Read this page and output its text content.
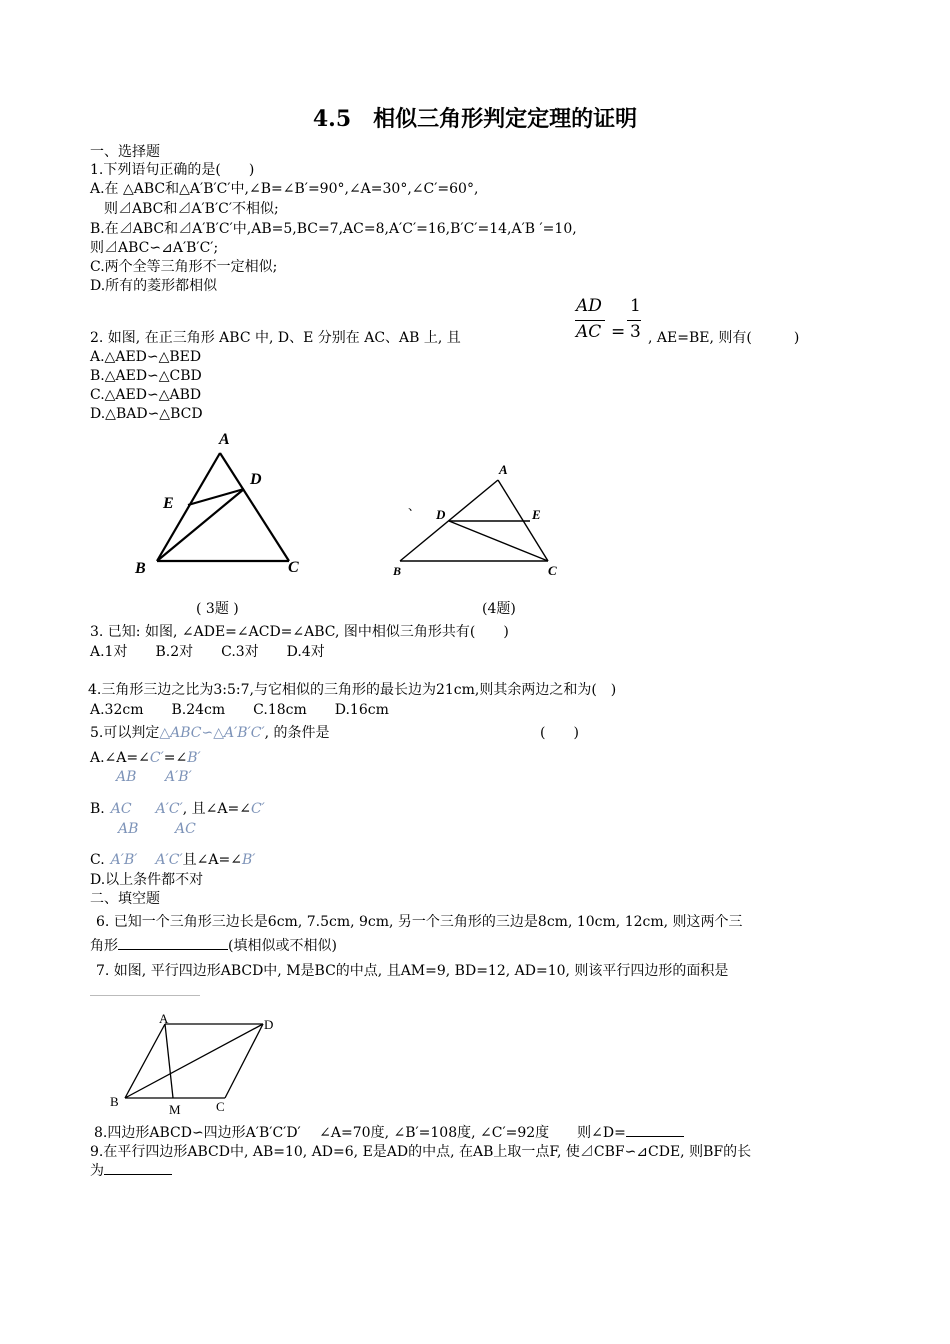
4.5　相似三角形判定定理的证明
一、选择题
1.下列语句正确的是(　　)
A.在 △ABC和△A′B′C′中,∠B=∠B′=90°,∠A=30°,∠C′=60°,
　则⊿ABC和⊿A′B′C′不相似;
B.在⊿ABC和⊿A′B′C′中,AB=5,BC=7,AC=8,A′C′=16,B′C′=14,A′B ′=10,
则⊿ABC∽⊿A′B′C′;
C.两个全等三角形不一定相似;
D.所有的菱形都相似
2. 如图, 在正三角形 ABC 中, D、E 分别在 AC、AB 上, 且
AD
AC =
1
3 , AE=BE, 则有(　　　)
A.△AED∽△BED
B.△AED∽△CBD
C.△AED∽△ABD
D.△BAD∽△BCD
A
E
D
B	C
A
D	E
B	C
、
( 3题 )	(4题)
3. 已知: 如图, ∠ADE=∠ACD=∠ABC, 图中相似三角形共有(　　)
A.1对　　B.2对　　C.3对　　D.4对
4.三角形三边之比为3:5:7,与它相似的三角形的最长边为21cm,则其余两边之和为(　)
A.32cm　　B.24cm　　C.18cm　　D.16cm
5.可以判定△ABC∽△A′B′C′, 的条件是	(　　)
A.∠A=∠C′=∠B′
AB A′B′
B. AC A′C′, 且∠A=∠C′
AB	AC
C. A′B′ A′C′且∠A=∠B′
D.以上条件都不对
二、填空题
6. 已知一个三角形三边长是6cm, 7.5cm, 9cm, 另一个三角形的三边是8cm, 10cm, 12cm, 则这两个三
角形	(填相似或不相似)
7. 如图, 平行四边形ABCD中, M是BC的中点, 且AM=9, BD=12, AD=10, 则该平行四边形的面积是
A	D
B
M	C
8.四边形ABCD∽四边形A′B′C′D′　 ∠A=70度, ∠B′=108度, ∠C′=92度　　则∠D=
9.在平行四边形ABCD中, AB=10, AD=6, E是AD的中点, 在AB上取一点F, 使⊿CBF∽⊿CDE, 则BF的长
为
